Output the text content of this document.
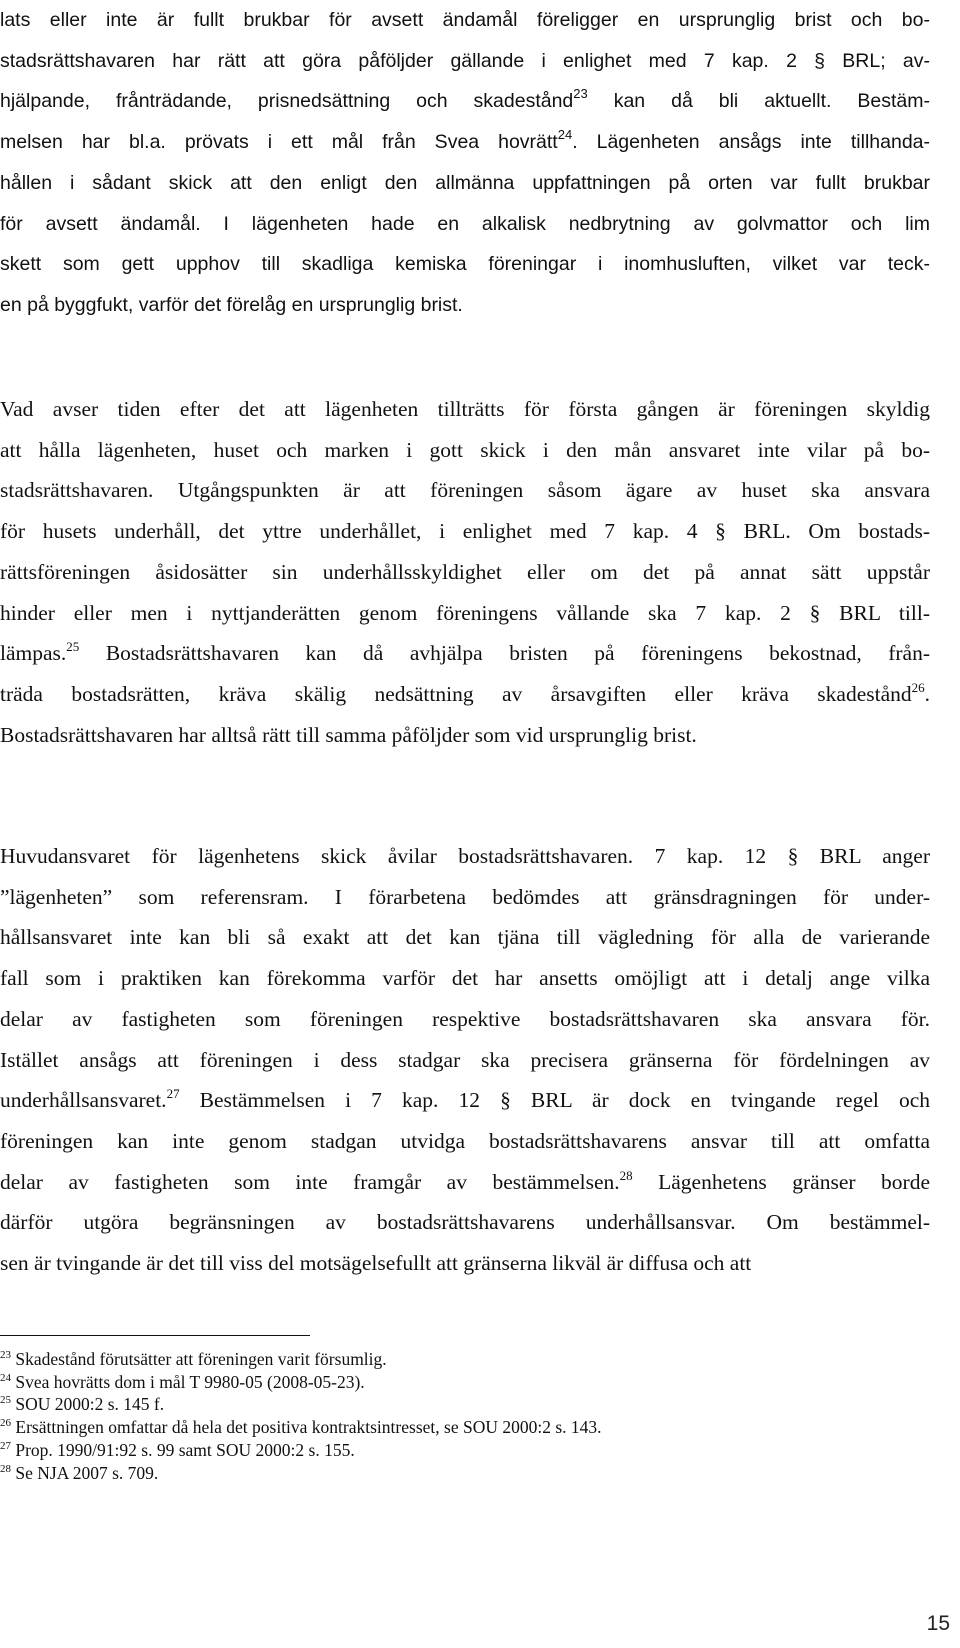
lats eller inte är fullt brukbar för avsett ändamål föreligger en ursprunglig brist och bo-
stadsrättshavaren har rätt att göra påföljder gällande i enlighet med 7 kap. 2 § BRL; av-
hjälpande, frånträdande, prisnedsättning och skadestånd$^{23}$ kan då bli aktuellt. Bestäm-
melsen har bl.a. prövats i ett mål från Svea hovrätt$^{24}$. Lägenheten ansågs inte tillhanda-
hållen i sådant skick att den enligt den allmänna uppfattningen på orten var fullt brukbar
för avsett ändamål. I lägenheten hade en alkalisk nedbrytning av golvmattor och lim
skett som gett upphov till skadliga kemiska föreningar i inomhusluften, vilket var teck-
en på byggfukt, varför det förelåg en ursprunglig brist.
Vad avser tiden efter det att lägenheten tillträtts för första gången är föreningen skyldig
att hålla lägenheten, huset och marken i gott skick i den mån ansvaret inte vilar på bo-
stadsrättshavaren. Utgångspunkten är att föreningen såsom ägare av huset ska ansvara
för husets underhåll, det yttre underhållet, i enlighet med 7 kap. 4 § BRL. Om bostads-
rättsföreningen åsidosätter sin underhållsskyldighet eller om det på annat sätt uppstår
hinder eller men i nyttjanderätten genom föreningens vållande ska 7 kap. 2 § BRL till-
lämpas.$^{25}$ Bostadsrättshavaren kan då avhjälpa bristen på föreningens bekostnad, från-
träda bostadsrätten, kräva skälig nedsättning av årsavgiften eller kräva skadestånd$^{26}$.
Bostadsrättshavaren har alltså rätt till samma påföljder som vid ursprunglig brist.
Huvudansvaret för lägenhetens skick åvilar bostadsrättshavaren. 7 kap. 12 § BRL anger
”lägenheten” som referensram. I förarbetena bedömdes att gränsdragningen för under-
hållsansvaret inte kan bli så exakt att det kan tjäna till vägledning för alla de varierande
fall som i praktiken kan förekomma varför det har ansetts omöjligt att i detalj ange vilka
delar av fastigheten som föreningen respektive bostadsrättshavaren ska ansvara för.
Istället ansågs att föreningen i dess stadgar ska precisera gränserna för fördelningen av
underhållsansvaret.$^{27}$ Bestämmelsen i 7 kap. 12 § BRL är dock en tvingande regel och
föreningen kan inte genom stadgan utvidga bostadsrättshavarens ansvar till att omfatta
delar av fastigheten som inte framgår av bestämmelsen.$^{28}$ Lägenhetens gränser borde
därför utgöra begränsningen av bostadsrättshavarens underhållsansvar. Om bestämmel-
sen är tvingande är det till viss del motsägelsefullt att gränserna likväl är diffusa och att
$^{23}$ Skadestånd förutsätter att föreningen varit försumlig.
$^{24}$ Svea hovrätts dom i mål T 9980-05 (2008-05-23).
$^{25}$ SOU 2000:2 s. 145 f.
$^{26}$ Ersättningen omfattar då hela det positiva kontraktsintresset, se SOU 2000:2 s. 143.
$^{27}$ Prop. 1990/91:92 s. 99 samt SOU 2000:2 s. 155.
$^{28}$ Se NJA 2007 s. 709.
15
